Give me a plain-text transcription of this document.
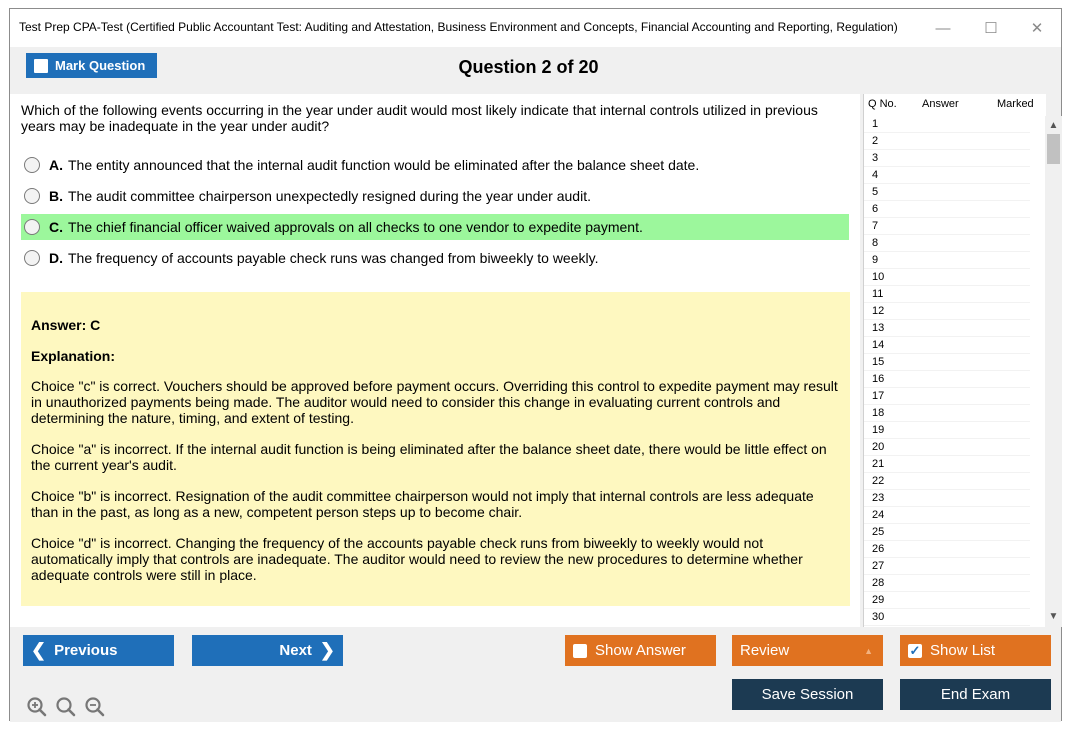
Test Prep CPA-Test (Certified Public Accountant Test: Auditing and Attestation, Business Environment and Concepts, Financial Accounting and Reporting, Regulation)	—	☐	✕
Mark Question	Question 2 of 20
Which of the following events occurring in the year under audit would most likely indicate that internal controls utilized in previous years may be inadequate in the year under audit?
A. The entity announced that the internal audit function would be eliminated after the balance sheet date.
B. The audit committee chairperson unexpectedly resigned during the year under audit.
C. The chief financial officer waived approvals on all checks to one vendor to expedite payment.
D. The frequency of accounts payable check runs was changed from biweekly to weekly.
Answer: C
Explanation:
Choice "c" is correct. Vouchers should be approved before payment occurs. Overriding this control to expedite payment may result in unauthorized payments being made. The auditor would need to consider this change in evaluating current controls and determining the nature, timing, and extent of testing.
Choice "a" is incorrect. If the internal audit function is being eliminated after the balance sheet date, there would be little effect on the current year's audit.
Choice "b" is incorrect. Resignation of the audit committee chairperson would not imply that internal controls are less adequate than in the past, as long as a new, competent person steps up to become chair.
Choice "d" is incorrect. Changing the frequency of the accounts payable check runs from biweekly to weekly would not automatically imply that controls are inadequate. The auditor would need to review the new procedures to determine whether adequate controls were still in place.
Q No. Answer	Marked
1
2
3
4
5
6
7
8
9
10
11
12
13
14
15
16
17
18
19
20
21
22
23
24
25
26
27
28
29
30
▲
▼
❮ Previous	Next ❯	Show Answer	Review	▲	✓ Show List
Save Session	End Exam
